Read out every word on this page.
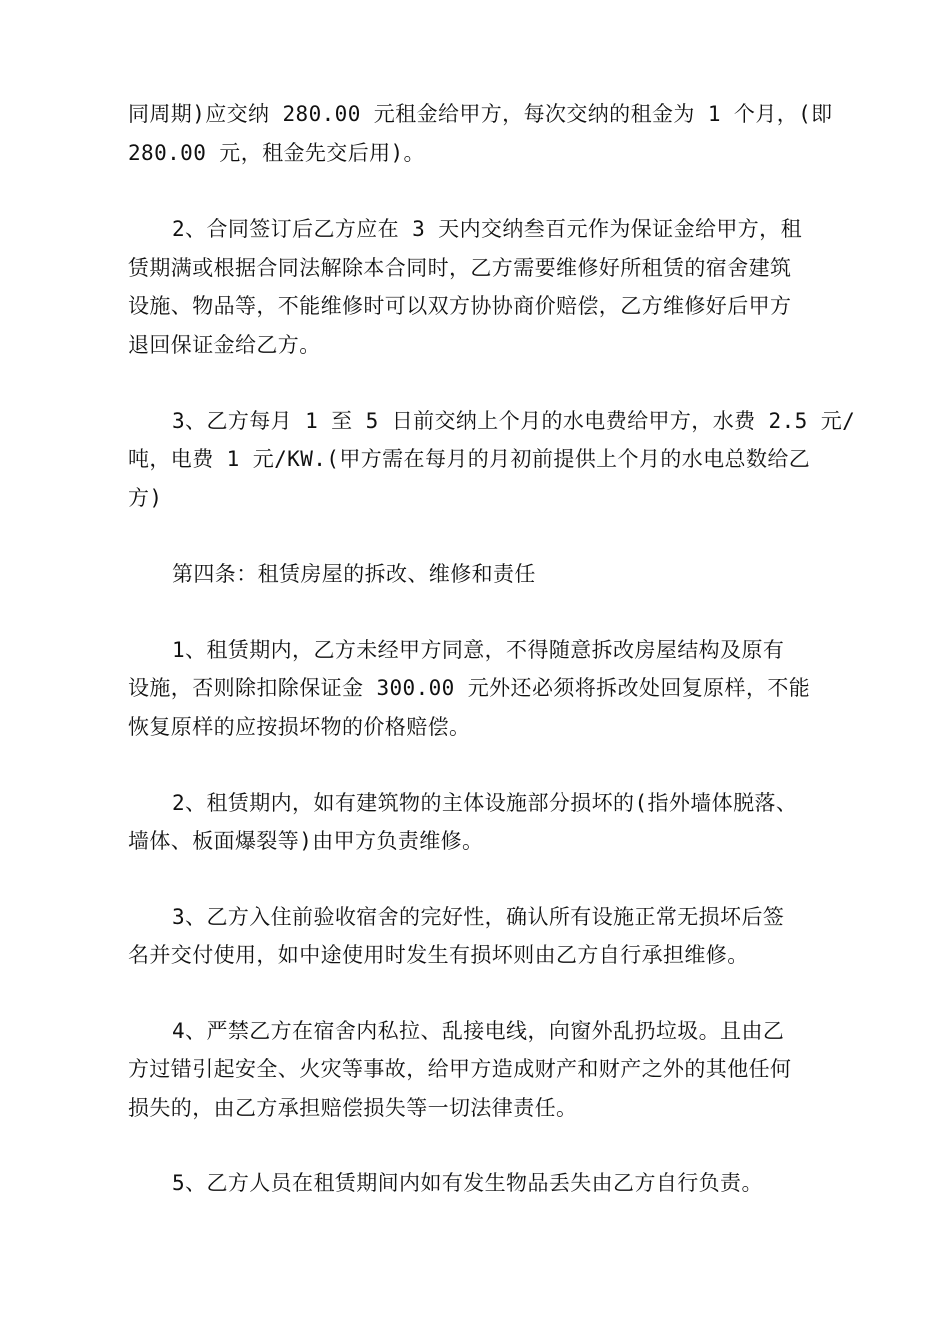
同周期)应交纳 280.00 元租金给甲方，每次交纳的租金为 1 个月，(即
280.00 元，租金先交后用)。
2、合同签订后乙方应在 3 天内交纳叁百元作为保证金给甲方，租
赁期满或根据合同法解除本合同时，乙方需要维修好所租赁的宿舍建筑
设施、物品等，不能维修时可以双方协协商价赔偿，乙方维修好后甲方
退回保证金给乙方。
3、乙方每月 1 至 5 日前交纳上个月的水电费给甲方，水费 2.5 元/
吨，电费 1 元/KW.(甲方需在每月的月初前提供上个月的水电总数给乙
方)
第四条：租赁房屋的拆改、维修和责任
1、租赁期内，乙方未经甲方同意，不得随意拆改房屋结构及原有
设施，否则除扣除保证金 300.00 元外还必须将拆改处回复原样，不能
恢复原样的应按损坏物的价格赔偿。
2、租赁期内，如有建筑物的主体设施部分损坏的(指外墙体脱落、
墙体、板面爆裂等)由甲方负责维修。
3、乙方入住前验收宿舍的完好性，确认所有设施正常无损坏后签
名并交付使用，如中途使用时发生有损坏则由乙方自行承担维修。
4、严禁乙方在宿舍内私拉、乱接电线，向窗外乱扔垃圾。且由乙
方过错引起安全、火灾等事故，给甲方造成财产和财产之外的其他任何
损失的，由乙方承担赔偿损失等一切法律责任。
5、乙方人员在租赁期间内如有发生物品丢失由乙方自行负责。
